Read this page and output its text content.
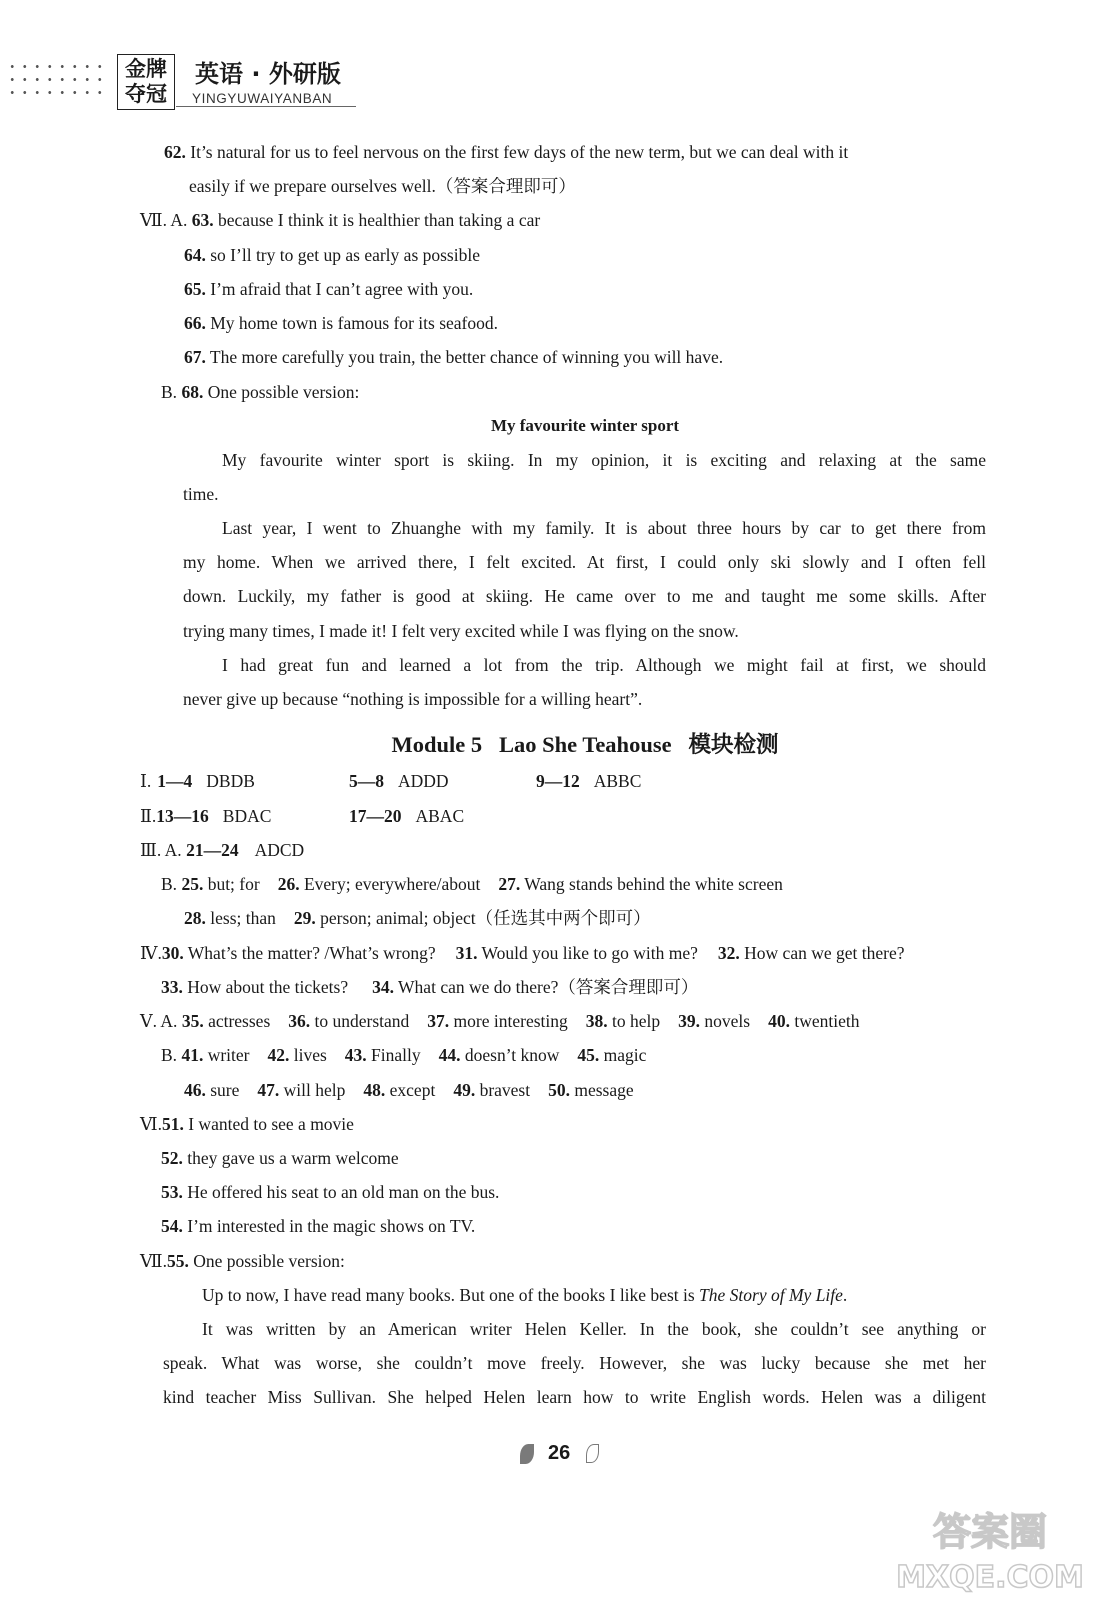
金牌
夺冠
英语 · 外研版
YINGYUWAIYANBAN
62. It’s natural for us to feel nervous on the first few days of the new term, but we can deal with it
easily if we prepare ourselves well.（答案合理即可）
Ⅶ. A. 63. because I think it is healthier than taking a car
64. so I’ll try to get up as early as possible
65. I’m afraid that I can’t agree with you.
66. My home town is famous for its seafood.
67. The more carefully you train, the better chance of winning you will have.
B. 68. One possible version:
My favourite winter sport
My favourite winter sport is skiing. In my opinion, it is exciting and relaxing at the same
time.
Last year, I went to Zhuanghe with my family. It is about three hours by car to get there from
my home. When we arrived there, I felt excited. At first, I could only ski slowly and I often fell
down. Luckily, my father is good at skiing. He came over to me and taught me some skills. After
trying many times, I made it! I felt very excited while I was flying on the snow.
I had great fun and learned a lot from the trip. Although we might fail at first, we should
never give up because “nothing is impossible for a willing heart”.
Module 5   Lao She Teahouse   模块检测
Ⅰ. 1—4 DBDB	5—8 ADDD	9—12 ABBC
Ⅱ.13—16 BDAC	17—20 ABAC
Ⅲ. A. 21—24 ADCD
B. 25. but; for 26. Every; everywhere/about 27. Wang stands behind the white screen
28. less; than 29. person; animal; object（任选其中两个即可）
Ⅳ.30. What’s the matter? /What’s wrong? 31. Would you like to go with me? 32. How can we get there?
33. How about the tickets? 34. What can we do there?（答案合理即可）
Ⅴ. A. 35. actresses 36. to understand 37. more interesting 38. to help 39. novels 40. twentieth
B. 41. writer 42. lives 43. Finally 44. doesn’t know 45. magic
46. sure 47. will help 48. except 49. bravest 50. message
Ⅵ.51. I wanted to see a movie
52. they gave us a warm welcome
53. He offered his seat to an old man on the bus.
54. I’m interested in the magic shows on TV.
Ⅶ.55. One possible version:
Up to now, I have read many books. But one of the books I like best is The Story of My Life.
It was written by an American writer Helen Keller. In the book, she couldn’t see anything or
speak. What was worse, she couldn’t move freely. However, she was lucky because she met her
kind teacher Miss Sullivan. She helped Helen learn how to write English words. Helen was a diligent
26
答案圈
MXQE.COM
